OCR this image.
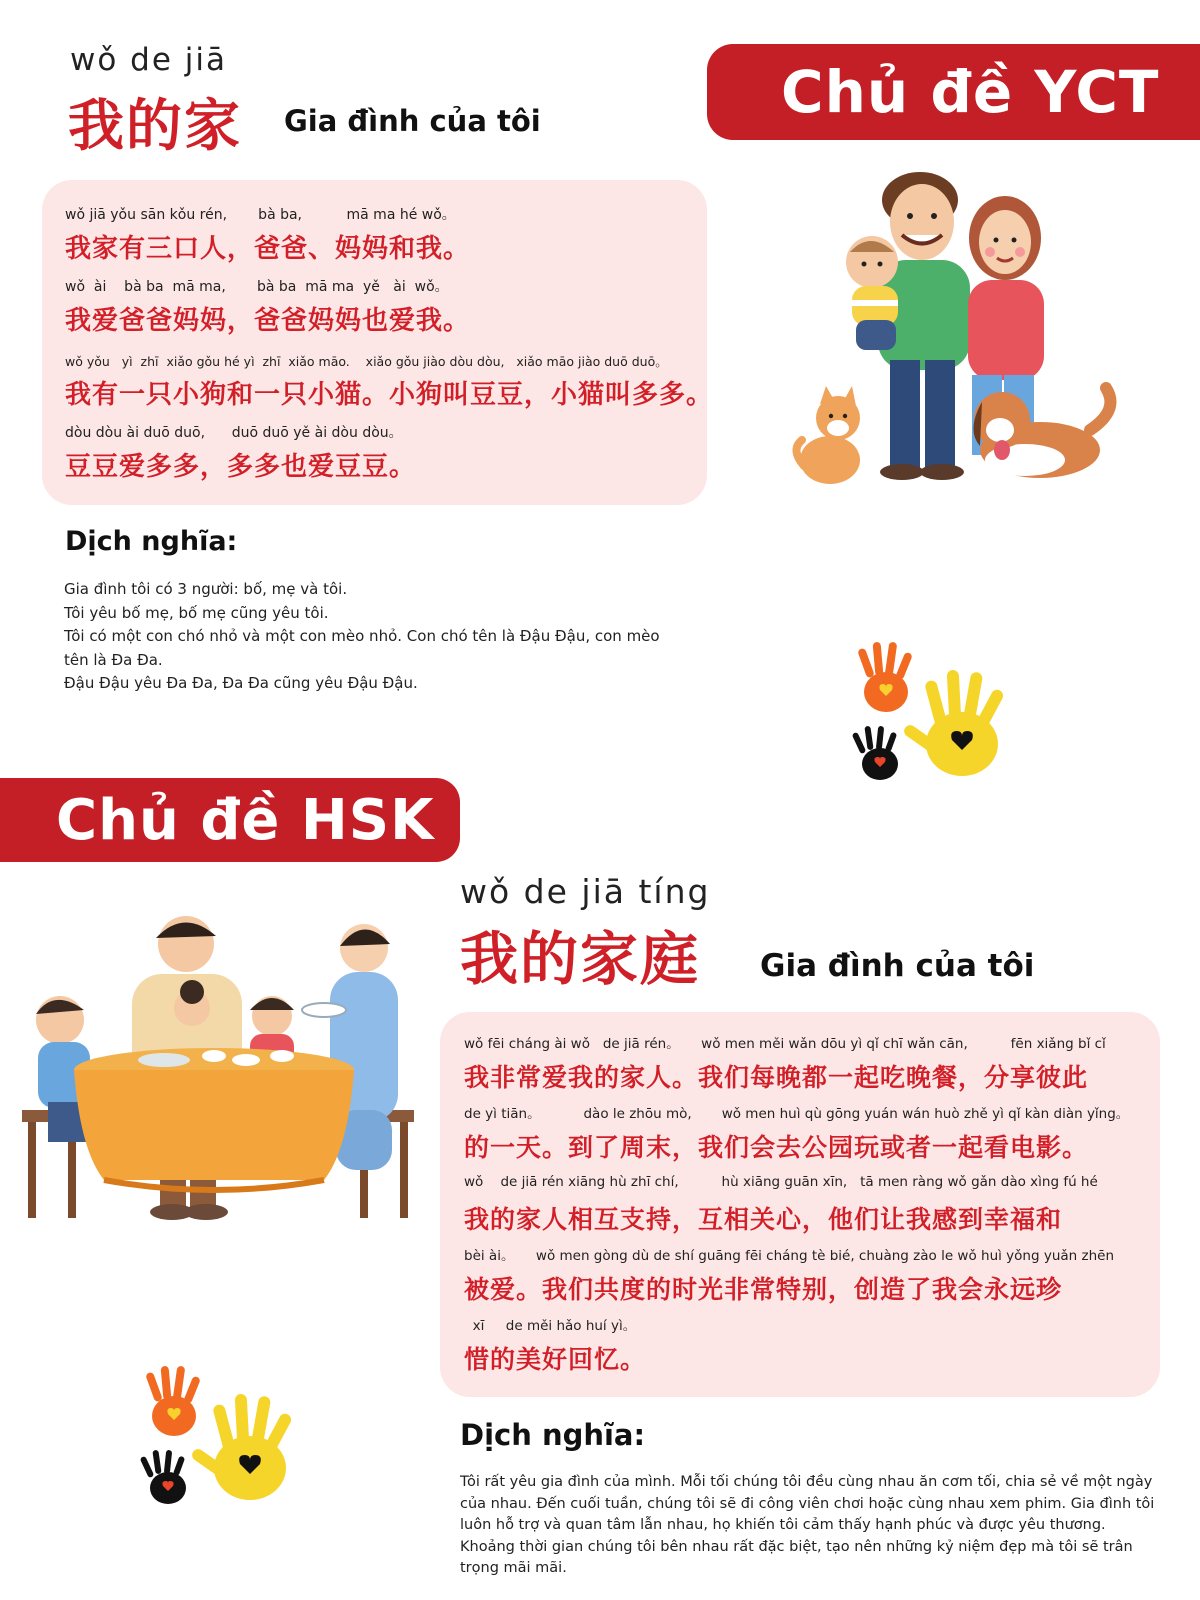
wǒ de jiā
我的家 Gia đình của tôi	Chủ đề YCT
wǒ jiā yǒu sān kǒu rén,       bà ba,          mā ma hé wǒ。
我家有三口人，爸爸、妈妈和我。
wǒ  ài    bà ba  mā ma,       bà ba  mā ma  yě   ài  wǒ。
我爱爸爸妈妈，爸爸妈妈也爱我。
wǒ yǒu   yì  zhī  xiǎo gǒu hé yì  zhī  xiǎo māo.    xiǎo gǒu jiào dòu dòu,   xiǎo māo jiào duō duō。
我有一只小狗和一只小猫。小狗叫豆豆，小猫叫多多。
dòu dòu ài duō duō,      duō duō yě ài dòu dòu。
豆豆爱多多，多多也爱豆豆。
Dịch nghĩa:
Gia đình tôi có 3 người: bố, mẹ và tôi.
Tôi yêu bố mẹ, bố mẹ cũng yêu tôi.
Tôi có một con chó nhỏ và một con mèo nhỏ. Con chó tên là Đậu Đậu, con mèo
tên là Đa Đa.
Đậu Đậu yêu Đa Đa, Đa Đa cũng yêu Đậu Đậu.
Chủ đề HSK
wǒ de jiā tíng
我的家庭 Gia đình của tôi
wǒ fēi cháng ài wǒ   de jiā rén。     wǒ men měi wǎn dōu yì qǐ chī wǎn cān,          fēn xiǎng bǐ cǐ
我非常爱我的家人。我们每晚都一起吃晚餐，分享彼此
de yì tiān。          dào le zhōu mò,       wǒ men huì qù gōng yuán wán huò zhě yì qǐ kàn diàn yǐng。
的一天。到了周末，我们会去公园玩或者一起看电影。
wǒ    de jiā rén xiāng hù zhī chí,          hù xiāng guān xīn,   tā men ràng wǒ gǎn dào xìng fú hé
我的家人相互支持，互相关心，他们让我感到幸福和
bèi ài。     wǒ men gòng dù de shí guāng fēi cháng tè bié, chuàng zào le wǒ huì yǒng yuǎn zhēn
被爱。我们共度的时光非常特别，创造了我会永远珍
xī     de měi hǎo huí yì。
惜的美好回忆。
Dịch nghĩa:
Tôi rất yêu gia đình của mình. Mỗi tối chúng tôi đều cùng nhau ăn cơm tối, chia sẻ về một ngày của nhau. Đến cuối tuần, chúng tôi sẽ đi công viên chơi hoặc cùng nhau xem phim. Gia đình tôi luôn hỗ trợ và quan tâm lẫn nhau, họ khiến tôi cảm thấy hạnh phúc và được yêu thương. Khoảng thời gian chúng tôi bên nhau rất đặc biệt, tạo nên những kỷ niệm đẹp mà tôi sẽ trân trọng mãi mãi.
